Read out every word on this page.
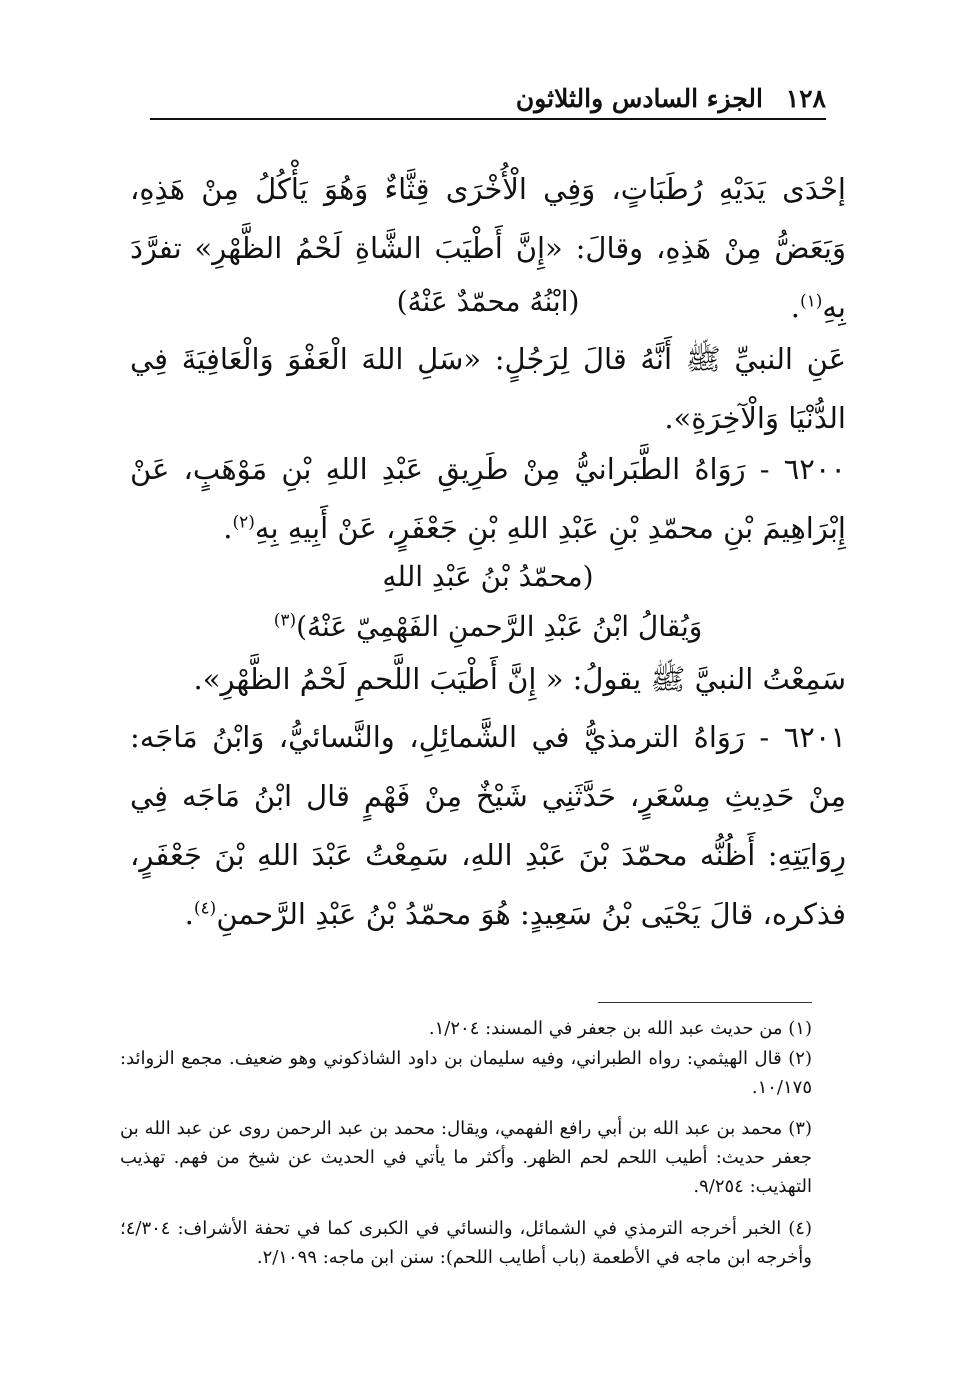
١٢٨ الجزء السادس والثلاثون
إحْدَى يَدَيْهِ رُطَبَاتٍ، وَفِي الْأُخْرَى قِثَّاءٌ وَهُوَ يَأْكُلُ مِنْ هَذِهِ، وَيَعَضُّ مِنْ هَذِهِ، وقالَ: «إِنَّ أَطْيَبَ الشَّاةِ لَحْمُ الظَّهْرِ» تفرَّدَ بِهِ$^{(١)}$.
(ابْنُهُ محمّدٌ عَنْهُ)
عَنِ النبيِّ ﷺ أَنَّهُ قالَ لِرَجُلٍ: «سَلِ اللهَ الْعَفْوَ وَالْعَافِيَةَ فِي الدُّنْيَا وَالْآخِرَةِ».
٦٢٠٠ - رَوَاهُ الطَّبَرانيُّ مِنْ طَرِيقِ عَبْدِ اللهِ بْنِ مَوْهَبٍ، عَنْ إِبْرَاهِيمَ بْنِ محمّدِ بْنِ عَبْدِ اللهِ بْنِ جَعْفَرٍ، عَنْ أَبِيهِ بِهِ$^{(٢)}$.
(محمّدُ بْنُ عَبْدِ اللهِ
وَيُقالُ ابْنُ عَبْدِ الرَّحمنِ الفَهْمِيّ عَنْهُ)$^{(٣)}$
سَمِعْتُ النبيَّ ﷺ يقولُ: « إِنَّ أَطْيَبَ اللَّحمِ لَحْمُ الظَّهْرِ».
٦٢٠١ - رَوَاهُ الترمذيُّ في الشَّمائِلِ، والنَّسائيُّ، وَابْنُ مَاجَه: مِنْ حَدِيثِ مِسْعَرٍ، حَدَّثَنِي شَيْخٌ مِنْ فَهْمٍ قال ابْنُ مَاجَه فِي رِوَايَتِهِ: أَظُنُّه محمّدَ بْنَ عَبْدِ اللهِ، سَمِعْتُ عَبْدَ اللهِ بْنَ جَعْفَرٍ، فذكره، قالَ يَحْيَى بْنُ سَعِيدٍ: هُوَ محمّدُ بْنُ عَبْدِ الرَّحمنِ$^{(٤)}$.
(١) من حديث عبد الله بن جعفر في المسند: ١/٢٠٤.
(٢) قال الهيثمي: رواه الطبراني، وفيه سليمان بن داود الشاذكوني وهو ضعيف. مجمع الزوائد: ١٠/١٧٥.
(٣) محمد بن عبد الله بن أبي رافع الفهمي، ويقال: محمد بن عبد الرحمن روى عن عبد الله بن جعفر حديث: أطيب اللحم لحم الظهر. وأكثر ما يأتي في الحديث عن شيخ من فهم. تهذيب التهذيب: ٩/٢٥٤.
(٤) الخبر أخرجه الترمذي في الشمائل، والنسائي في الكبرى كما في تحفة الأشراف: ٤/٣٠٤؛ وأخرجه ابن ماجه في الأطعمة (باب أطايب اللحم): سنن ابن ماجه: ٢/١٠٩٩.
